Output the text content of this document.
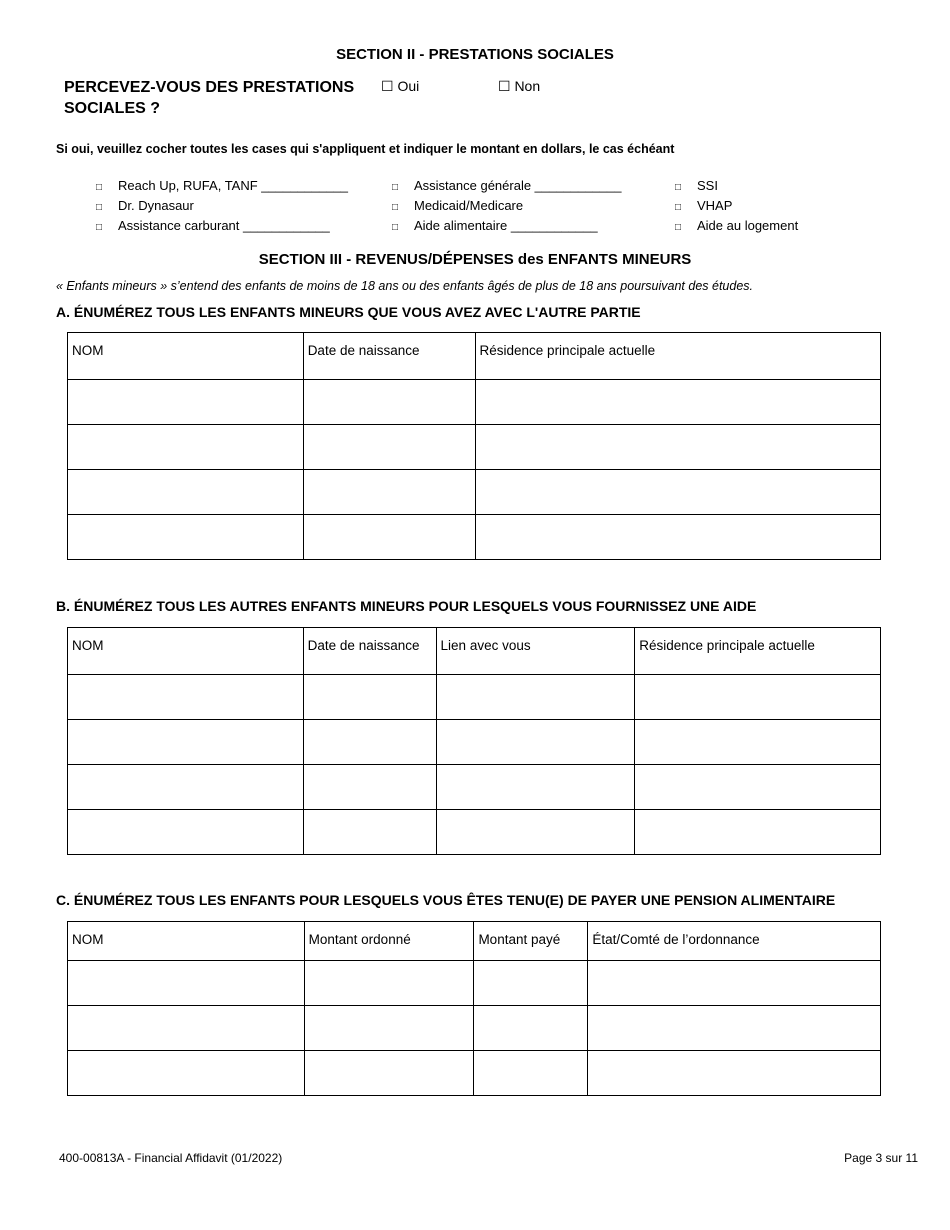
SECTION II - PRESTATIONS SOCIALES
PERCEVEZ-VOUS DES PRESTATIONS
SOCIALES ?
☐ Oui	☐ Non
Si oui, veuillez cocher toutes les cases qui s'appliquent et indiquer le montant en dollars, le cas échéant
□ Reach Up, RUFA, TANF ____________
□ Dr. Dynasaur
□ Assistance carburant ____________
□ Assistance générale ____________
□ Medicaid/Medicare
□ Aide alimentaire ____________
□ SSI
□ VHAP
□ Aide au logement
SECTION III - REVENUS/DÉPENSES des ENFANTS MINEURS
« Enfants mineurs » s’entend des enfants de moins de 18 ans ou des enfants âgés de plus de 18 ans poursuivant des études.
A. ÉNUMÉREZ TOUS LES ENFANTS MINEURS QUE VOUS AVEZ AVEC L'AUTRE PARTIE
NOM	Date de naissance	Résidence principale actuelle

B. ÉNUMÉREZ TOUS LES AUTRES ENFANTS MINEURS POUR LESQUELS VOUS FOURNISSEZ UNE AIDE
NOM	Date de naissance	Lien avec vous	Résidence principale actuelle

C. ÉNUMÉREZ TOUS LES ENFANTS POUR LESQUELS VOUS ÊTES TENU(E) DE PAYER UNE PENSION ALIMENTAIRE
NOM	Montant ordonné	Montant payé	État/Comté de l’ordonnance

400-00813A - Financial Affidavit (01/2022)	Page 3 sur 11
